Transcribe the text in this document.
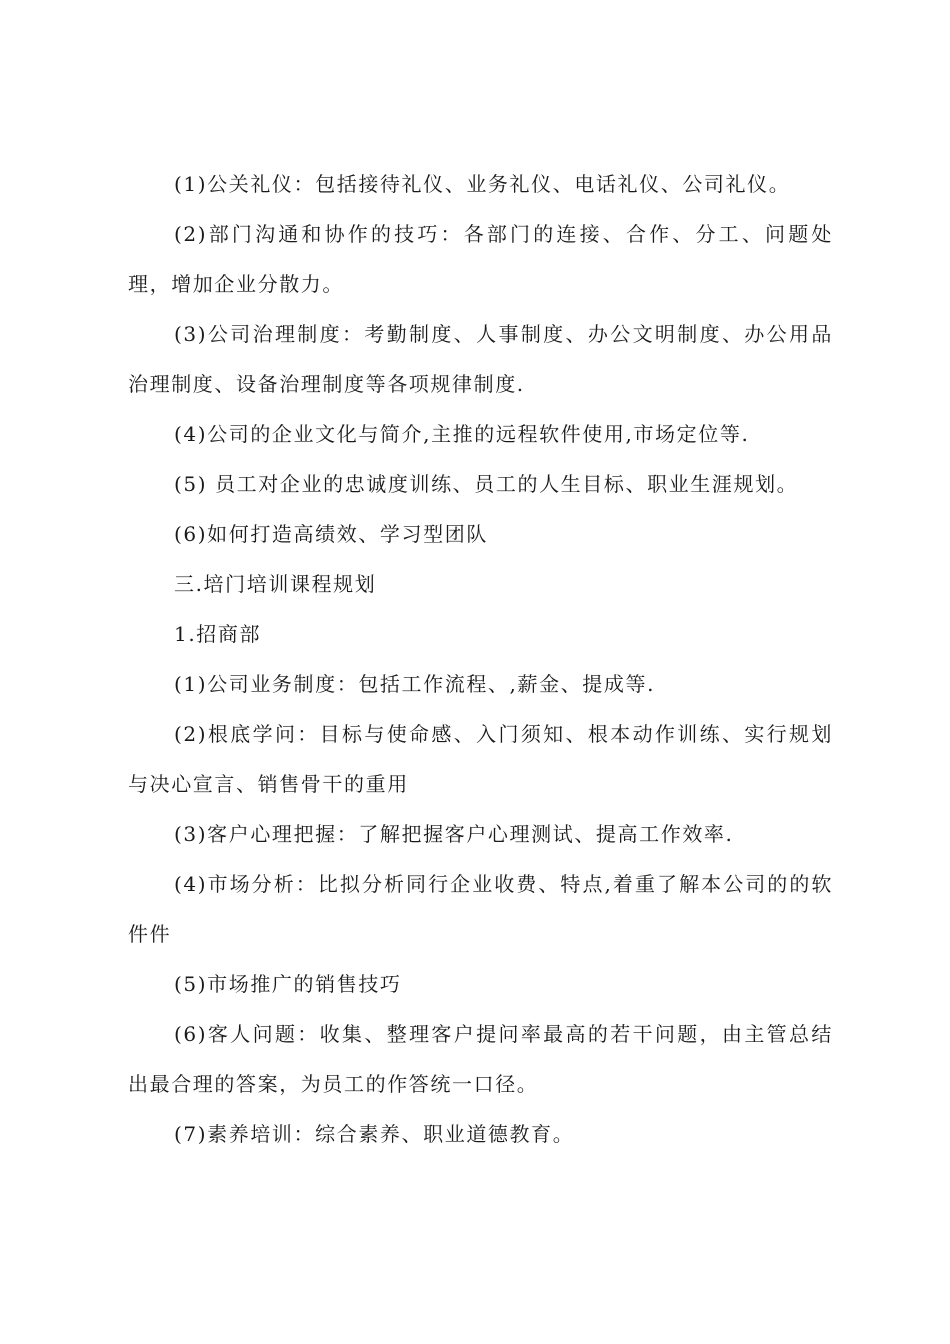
(1)公关礼仪：包括接待礼仪、业务礼仪、电话礼仪、公司礼仪。

(2)部门沟通和协作的技巧：各部门的连接、合作、分工、问题处理，增加企业分散力。

(3)公司治理制度：考勤制度、人事制度、办公文明制度、办公用品治理制度、设备治理制度等各项规律制度.

(4)公司的企业文化与简介,主推的远程软件使用,市场定位等.

(5) 员工对企业的忠诚度训练、员工的人生目标、职业生涯规划。

(6)如何打造高绩效、学习型团队

三.培门培训课程规划

1.招商部

(1)公司业务制度：包括工作流程、,薪金、提成等.

(2)根底学问：目标与使命感、入门须知、根本动作训练、实行规划与决心宣言、销售骨干的重用

(3)客户心理把握：了解把握客户心理测试、提高工作效率.

(4)市场分析：比拟分析同行企业收费、特点,着重了解本公司的的软件件

(5)市场推广的销售技巧

(6)客人问题：收集、整理客户提问率最高的若干问题，由主管总结出最合理的答案，为员工的作答统一口径。

(7)素养培训：综合素养、职业道德教育。
